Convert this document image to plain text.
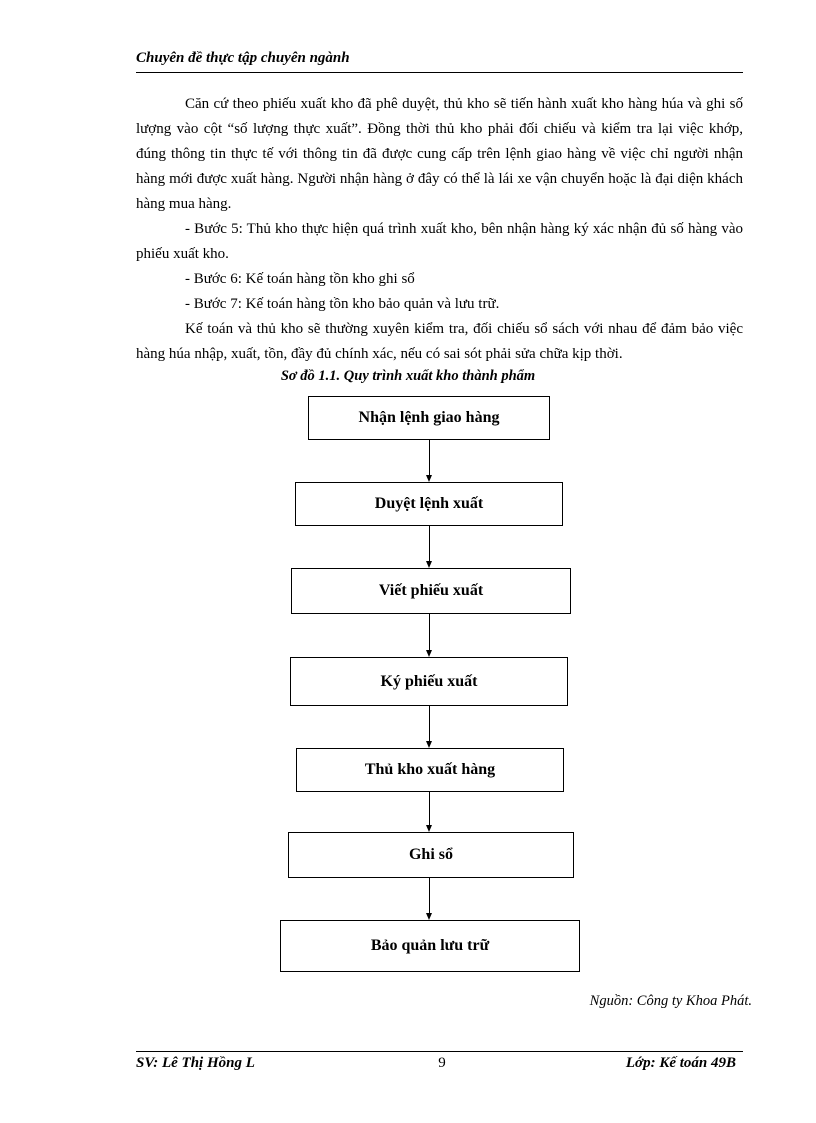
Chuyên đề thực tập chuyên ngành

Căn cứ theo phiếu xuất kho đã phê duyệt, thủ kho sẽ tiến hành xuất kho hàng húa và ghi số lượng vào cột “số lượng thực xuất”. Đồng thời thủ kho phải đối chiếu và kiểm tra lại việc khớp, đúng thông tin thực tế với thông tin đã được cung cấp trên lệnh giao hàng về việc chỉ người nhận hàng mới được xuất hàng. Người nhận hàng ở đây có thể là lái xe vận chuyển hoặc là đại diện khách hàng mua hàng.

- Bước 5: Thủ kho thực hiện quá trình xuất kho, bên nhận hàng ký xác nhận đủ số hàng vào phiếu xuất kho.

- Bước 6: Kế toán hàng tồn kho ghi sổ

- Bước 7: Kế toán hàng tồn kho bảo quản và lưu trữ.

Kế toán và thủ kho sẽ thường xuyên kiểm tra, đối chiếu sổ sách với nhau để đảm bảo việc hàng húa nhập, xuất, tồn, đầy đủ chính xác, nếu có sai sót phải sửa chữa kịp thời.

Sơ đồ 1.1. Quy trình xuất kho thành phẩm
Nhận lệnh giao hàng
Duyệt lệnh xuất
Viết phiếu xuất
Ký phiếu xuất
Thủ kho xuất hàng
Ghi sổ
Bảo quản lưu trữ
Nguồn: Công ty Khoa Phát.
SV: Lê Thị Hồng L	9	Lớp: Kế toán 49B
